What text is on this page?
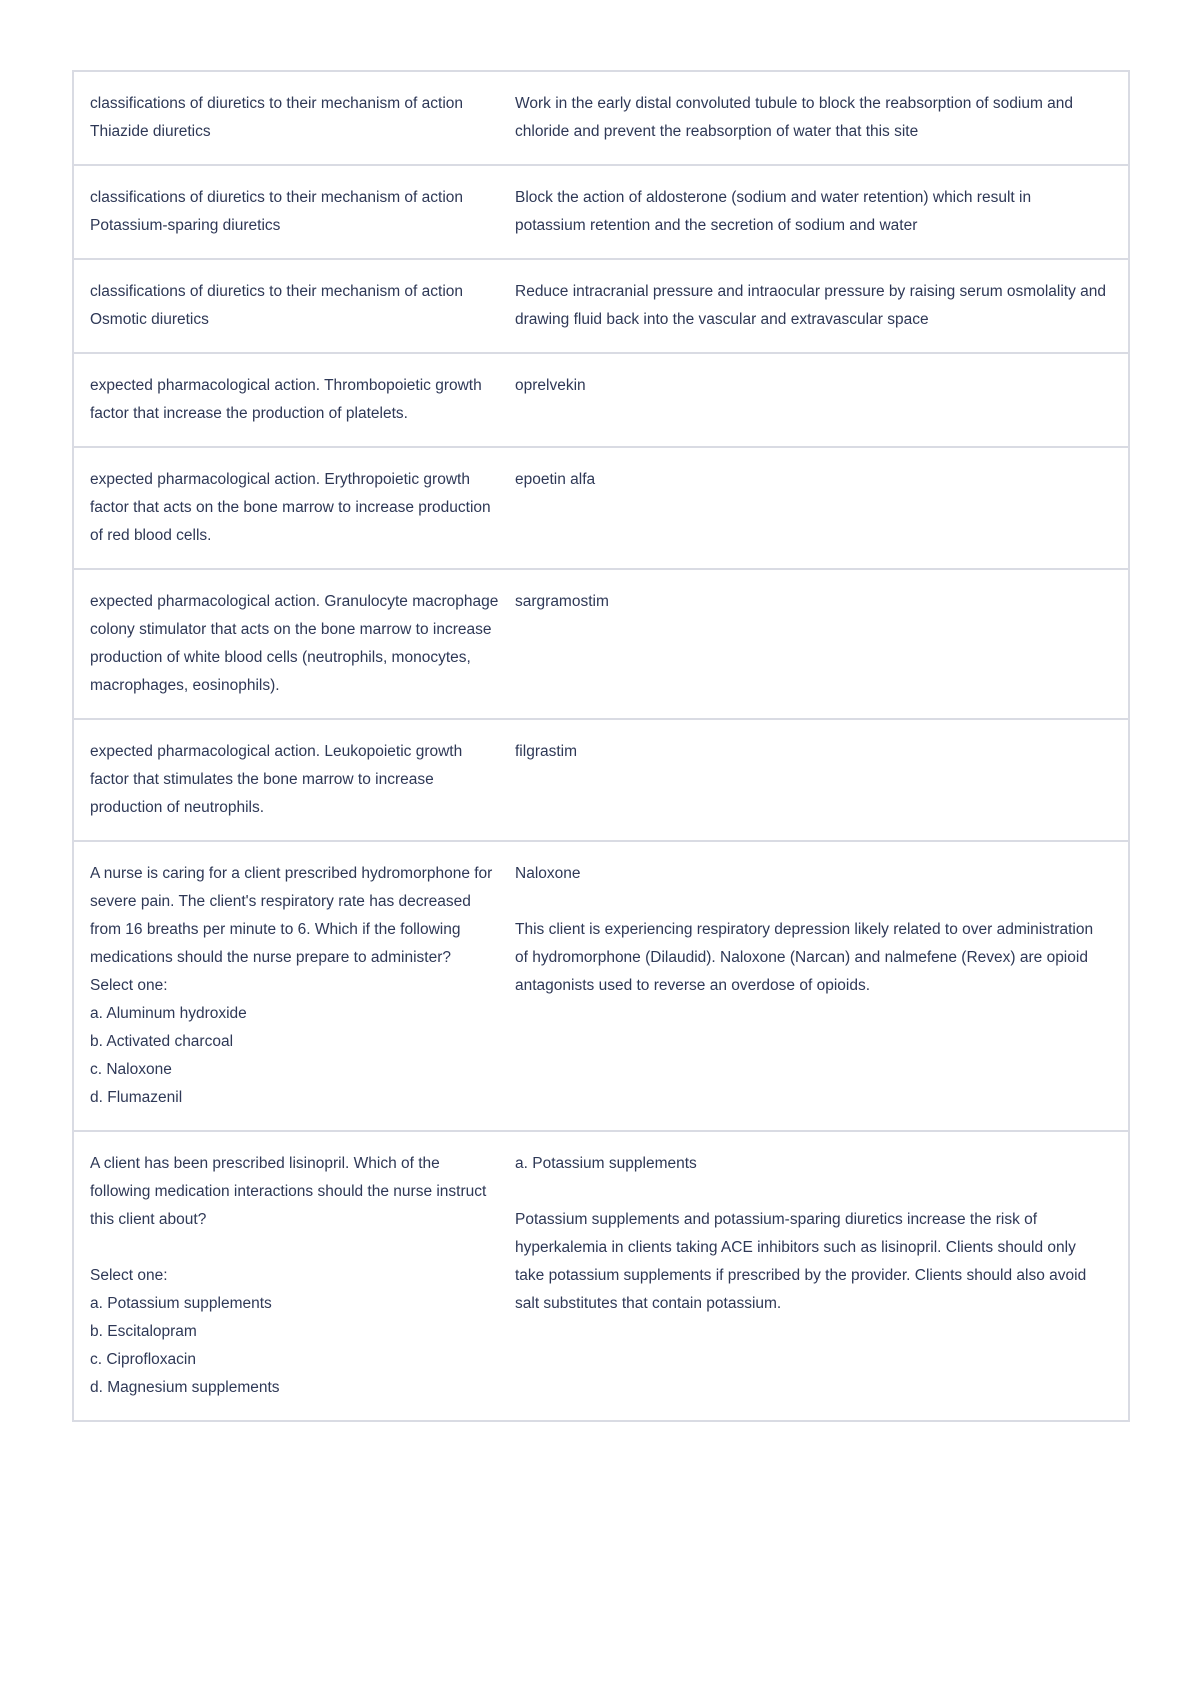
classifications of diuretics to their mechanism of action
Thiazide diuretics
Work in the early distal convoluted tubule to block the reabsorption of sodium and chloride and prevent the reabsorption of water that this site
classifications of diuretics to their mechanism of action
Potassium-sparing diuretics
Block the action of aldosterone (sodium and water retention) which result in potassium retention and the secretion of sodium and water
classifications of diuretics to their mechanism of action
Osmotic diuretics
Reduce intracranial pressure and intraocular pressure by raising serum osmolality and drawing fluid back into the vascular and extravascular space
expected pharmacological action. Thrombopoietic growth factor that increase the production of platelets.
oprelvekin
expected pharmacological action. Erythropoietic growth factor that acts on the bone marrow to increase production of red blood cells.
epoetin alfa
expected pharmacological action. Granulocyte macrophage colony stimulator that acts on the bone marrow to increase production of white blood cells (neutrophils, monocytes, macrophages, eosinophils).
sargramostim
expected pharmacological action. Leukopoietic growth factor that stimulates the bone marrow to increase production of neutrophils.
filgrastim
A nurse is caring for a client prescribed hydromorphone for severe pain. The client's respiratory rate has decreased from 16 breaths per minute to 6. Which if the following medications should the nurse prepare to administer?
Select one:
a. Aluminum hydroxide
b. Activated charcoal
c. Naloxone
d. Flumazenil
Naloxone

This client is experiencing respiratory depression likely related to over administration of hydromorphone (Dilaudid). Naloxone (Narcan) and nalmefene (Revex) are opioid antagonists used to reverse an overdose of opioids.
A client has been prescribed lisinopril. Which of the following medication interactions should the nurse instruct this client about?

Select one:
a. Potassium supplements
b. Escitalopram
c. Ciprofloxacin
d. Magnesium supplements
a. Potassium supplements

Potassium supplements and potassium-sparing diuretics increase the risk of hyperkalemia in clients taking ACE inhibitors such as lisinopril. Clients should only take potassium supplements if prescribed by the provider. Clients should also avoid salt substitutes that contain potassium.
